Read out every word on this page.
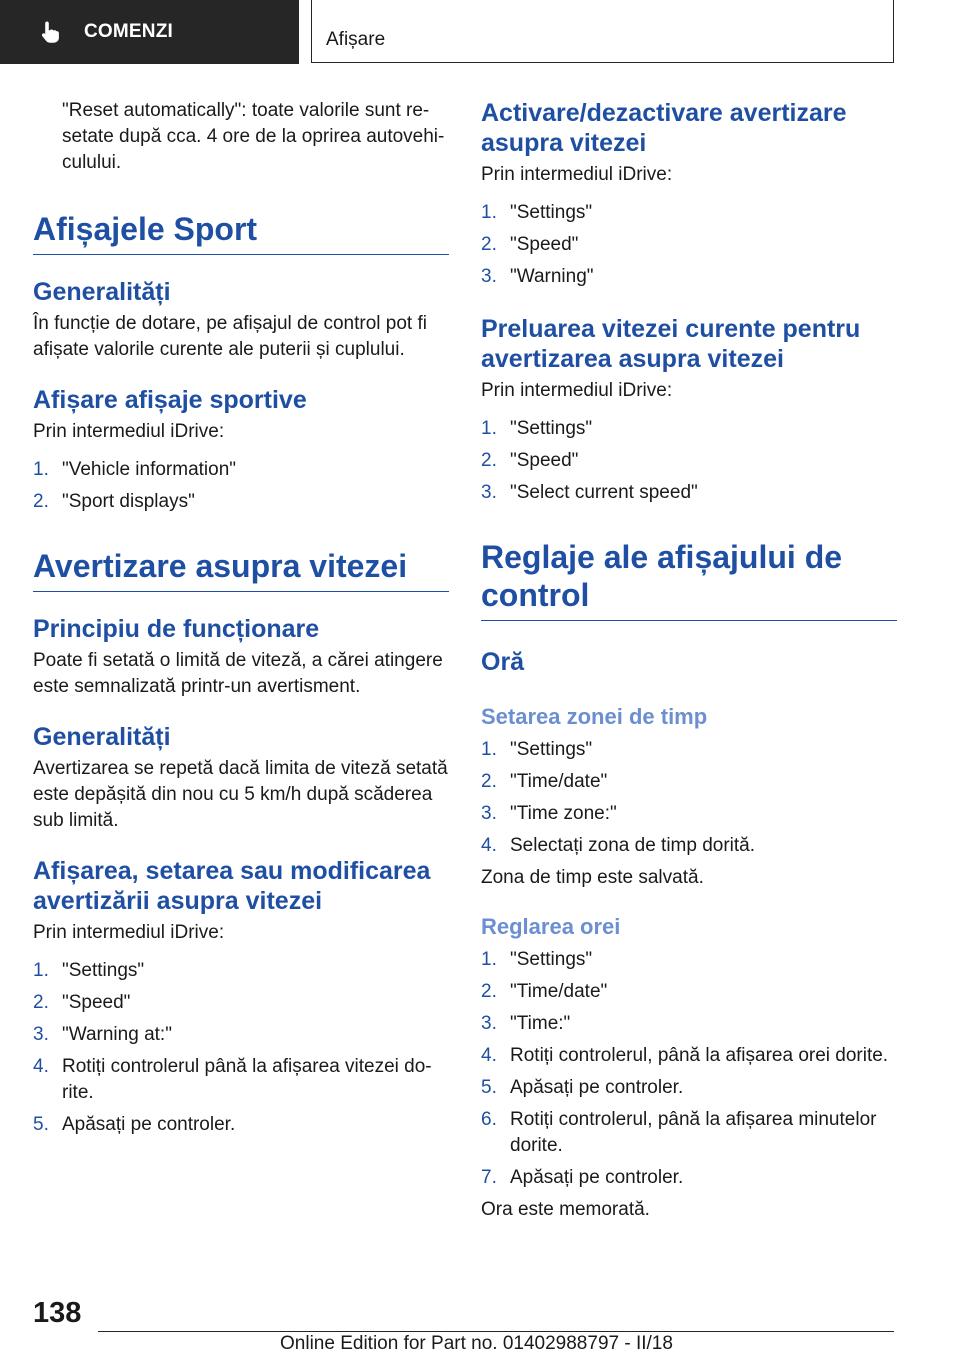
COMENZI	Afișare

"Reset automatically": toate valorile sunt re-setate după cca. 4 ore de la oprirea autovehi-culului.

Afișajele Sport
Generalități

În funcție de dotare, pe afișajul de control pot fi afișate valorile curente ale puterii și cuplului.

Afișare afișaje sportive

Prin intermediul iDrive:

1. "Vehicle information"
2. "Sport displays"
Avertizare asupra vitezei
Principiu de funcționare

Poate fi setată o limită de viteză, a cărei atingere este semnalizată printr-un avertisment.

Generalități

Avertizarea se repetă dacă limita de viteză setată este depășită din nou cu 5 km/h după scăderea sub limită.

Afișarea, setarea sau modificarea avertizării asupra vitezei

Prin intermediul iDrive:

1. "Settings"
2. "Speed"
3. "Warning at:"
4. Rotiți controlerul până la afișarea vitezei do-rite.
5. Apăsați pe controler.
Activare/dezactivare avertizare asupra vitezei

Prin intermediul iDrive:

1. "Settings"
2. "Speed"
3. "Warning"
Preluarea vitezei curente pentru avertizarea asupra vitezei

Prin intermediul iDrive:

1. "Settings"
2. "Speed"
3. "Select current speed"
Reglaje ale afișajului de control
Oră
Setarea zonei de timp
1. "Settings"
2. "Time/date"
3. "Time zone:"
4. Selectați zona de timp dorită.

Zona de timp este salvată.

Reglarea orei
1. "Settings"
2. "Time/date"
3. "Time:"
4. Rotiți controlerul, până la afișarea orei dorite.
5. Apăsați pe controler.
6. Rotiți controlerul, până la afișarea minutelor dorite.
7. Apăsați pe controler.

Ora este memorată.

138
Online Edition for Part no. 01402988797 - II/18
